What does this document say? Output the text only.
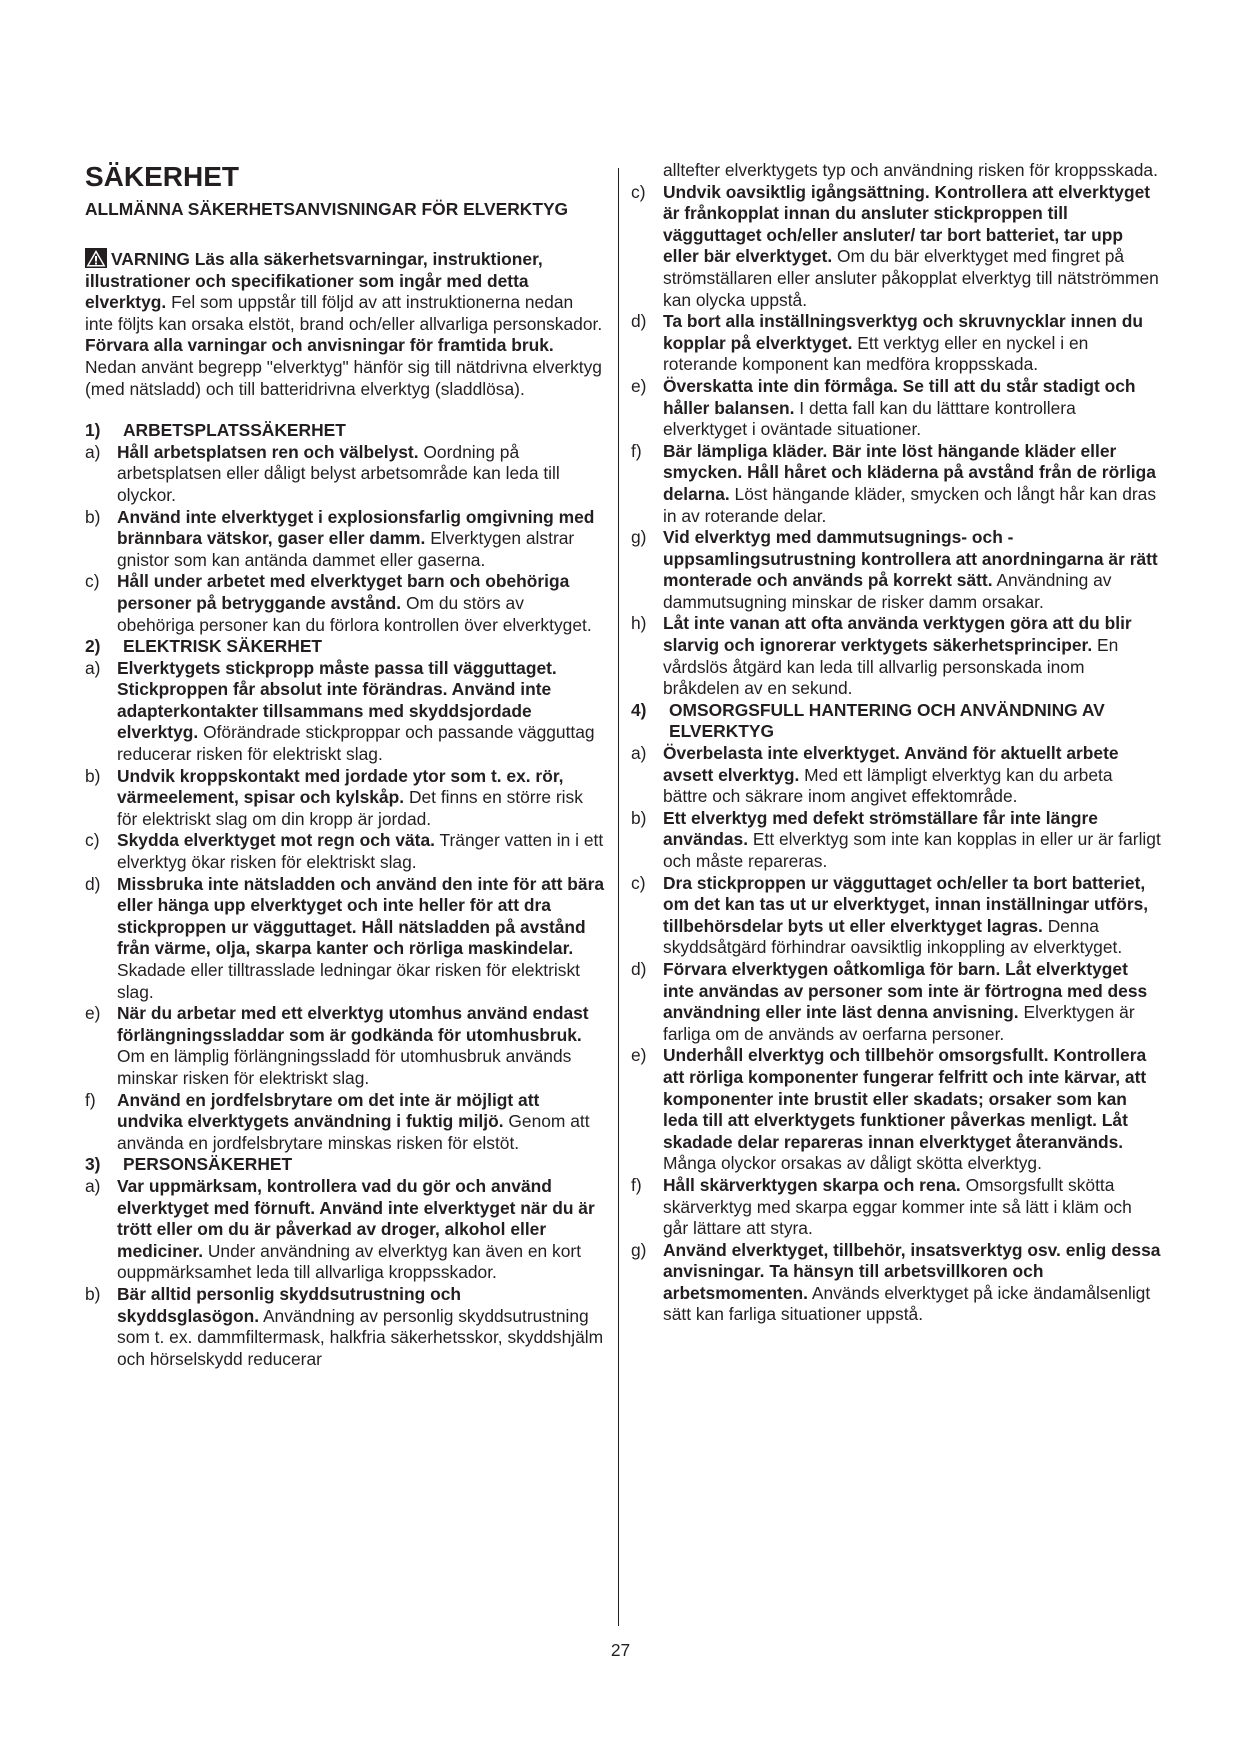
SÄKERHET
ALLMÄNNA SÄKERHETSANVISNINGAR FÖR ELVERKTYG

VARNING Läs alla säkerhetsvarningar, instruktioner, illustrationer och specifikationer som ingår med detta elverktyg. Fel som uppstår till följd av att instruktionerna nedan inte följts kan orsaka elstöt, brand och/eller allvarliga personskador. Förvara alla varningar och anvisningar för framtida bruk. Nedan använt begrepp "elverktyg" hänför sig till nätdrivna elverktyg (med nätsladd) och till batteridrivna elverktyg (sladdlösa).

1) ARBETSPLATSSÄKERHET

a) Håll arbetsplatsen ren och välbelyst. Oordning på arbetsplatsen eller dåligt belyst arbetsområde kan leda till olyckor.

b) Använd inte elverktyget i explosionsfarlig omgivning med brännbara vätskor, gaser eller damm. Elverktygen alstrar gnistor som kan antända dammet eller gaserna.

c) Håll under arbetet med elverktyget barn och obehöriga personer på betryggande avstånd. Om du störs av obehöriga personer kan du förlora kontrollen över elverktyget.

2) ELEKTRISK SÄKERHET

a) Elverktygets stickpropp måste passa till vägguttaget. Stickproppen får absolut inte förändras. Använd inte adapterkontakter tillsammans med skyddsjordade elverktyg. Oförändrade stickproppar och passande vägguttag reducerar risken för elektriskt slag.

b) Undvik kroppskontakt med jordade ytor som t. ex. rör, värmeelement, spisar och kylskåp. Det finns en större risk för elektriskt slag om din kropp är jordad.

c) Skydda elverktyget mot regn och väta. Tränger vatten in i ett elverktyg ökar risken för elektriskt slag.

d) Missbruka inte nätsladden och använd den inte för att bära eller hänga upp elverktyget och inte heller för att dra stickproppen ur vägguttaget. Håll nätsladden på avstånd från värme, olja, skarpa kanter och rörliga maskindelar. Skadade eller tilltrasslade ledningar ökar risken för elektriskt slag.

e) När du arbetar med ett elverktyg utomhus använd endast förlängningssladdar som är godkända för utomhusbruk. Om en lämplig förlängningssladd för utomhusbruk används minskar risken för elektriskt slag.

f) Använd en jordfelsbrytare om det inte är möjligt att undvika elverktygets användning i fuktig miljö. Genom att använda en jordfelsbrytare minskas risken för elstöt.

3) PERSONSÄKERHET

a) Var uppmärksam, kontrollera vad du gör och använd elverktyget med förnuft. Använd inte elverktyget när du är trött eller om du är påverkad av droger, alkohol eller mediciner. Under användning av elverktyg kan även en kort ouppmärksamhet leda till allvarliga kroppsskador.

b) Bär alltid personlig skyddsutrustning och skyddsglasögon. Användning av personlig skyddsutrustning som t. ex. dammfiltermask, halkfria säkerhetsskor, skyddshjälm och hörselskydd reducerar

alltefter elverktygets typ och användning risken för kroppsskada.

c) Undvik oavsiktlig igångsättning. Kontrollera att elverktyget är frånkopplat innan du ansluter stickproppen till vägguttaget och/eller ansluter/ tar bort batteriet, tar upp eller bär elverktyget. Om du bär elverktyget med fingret på strömställaren eller ansluter påkopplat elverktyg till nätströmmen kan olycka uppstå.

d) Ta bort alla inställningsverktyg och skruvnycklar innen du kopplar på elverktyget. Ett verktyg eller en nyckel i en roterande komponent kan medföra kroppsskada.

e) Överskatta inte din förmåga. Se till att du står stadigt och håller balansen. I detta fall kan du lätttare kontrollera elverktyget i oväntade situationer.

f) Bär lämpliga kläder. Bär inte löst hängande kläder eller smycken. Håll håret och kläderna på avstånd från de rörliga delarna. Löst hängande kläder, smycken och långt hår kan dras in av roterande delar.

g) Vid elverktyg med dammutsugnings- och -uppsamlingsutrustning kontrollera att anordningarna är rätt monterade och används på korrekt sätt. Användning av dammutsugning minskar de risker damm orsakar.

h) Låt inte vanan att ofta använda verktygen göra att du blir slarvig och ignorerar verktygets säkerhetsprinciper. En vårdslös åtgärd kan leda till allvarlig personskada inom bråkdelen av en sekund.

4) OMSORGSFULL HANTERING OCH ANVÄNDNING AV ELVERKTYG

a) Överbelasta inte elverktyget. Använd för aktuellt arbete avsett elverktyg. Med ett lämpligt elverktyg kan du arbeta bättre och säkrare inom angivet effektområde.

b) Ett elverktyg med defekt strömställare får inte längre användas. Ett elverktyg som inte kan kopplas in eller ur är farligt och måste repareras.

c) Dra stickproppen ur vägguttaget och/eller ta bort batteriet, om det kan tas ut ur elverktyget, innan inställningar utförs, tillbehörsdelar byts ut eller elverktyget lagras. Denna skyddsåtgärd förhindrar oavsiktlig inkoppling av elverktyget.

d) Förvara elverktygen oåtkomliga för barn. Låt elverktyget inte användas av personer som inte är förtrogna med dess användning eller inte läst denna anvisning. Elverktygen är farliga om de används av oerfarna personer.

e) Underhåll elverktyg och tillbehör omsorgsfullt. Kontrollera att rörliga komponenter fungerar felfritt och inte kärvar, att komponenter inte brustit eller skadats; orsaker som kan leda till att elverktygets funktioner påverkas menligt. Låt skadade delar repareras innan elverktyget återanvänds. Många olyckor orsakas av dåligt skötta elverktyg.

f) Håll skärverktygen skarpa och rena. Omsorgsfullt skötta skärverktyg med skarpa eggar kommer inte så lätt i kläm och går lättare att styra.

g) Använd elverktyget, tillbehör, insatsverktyg osv. enlig dessa anvisningar. Ta hänsyn till arbetsvillkoren och arbetsmomenten. Används elverktyget på icke ändamålsenligt sätt kan farliga situationer uppstå.

27
